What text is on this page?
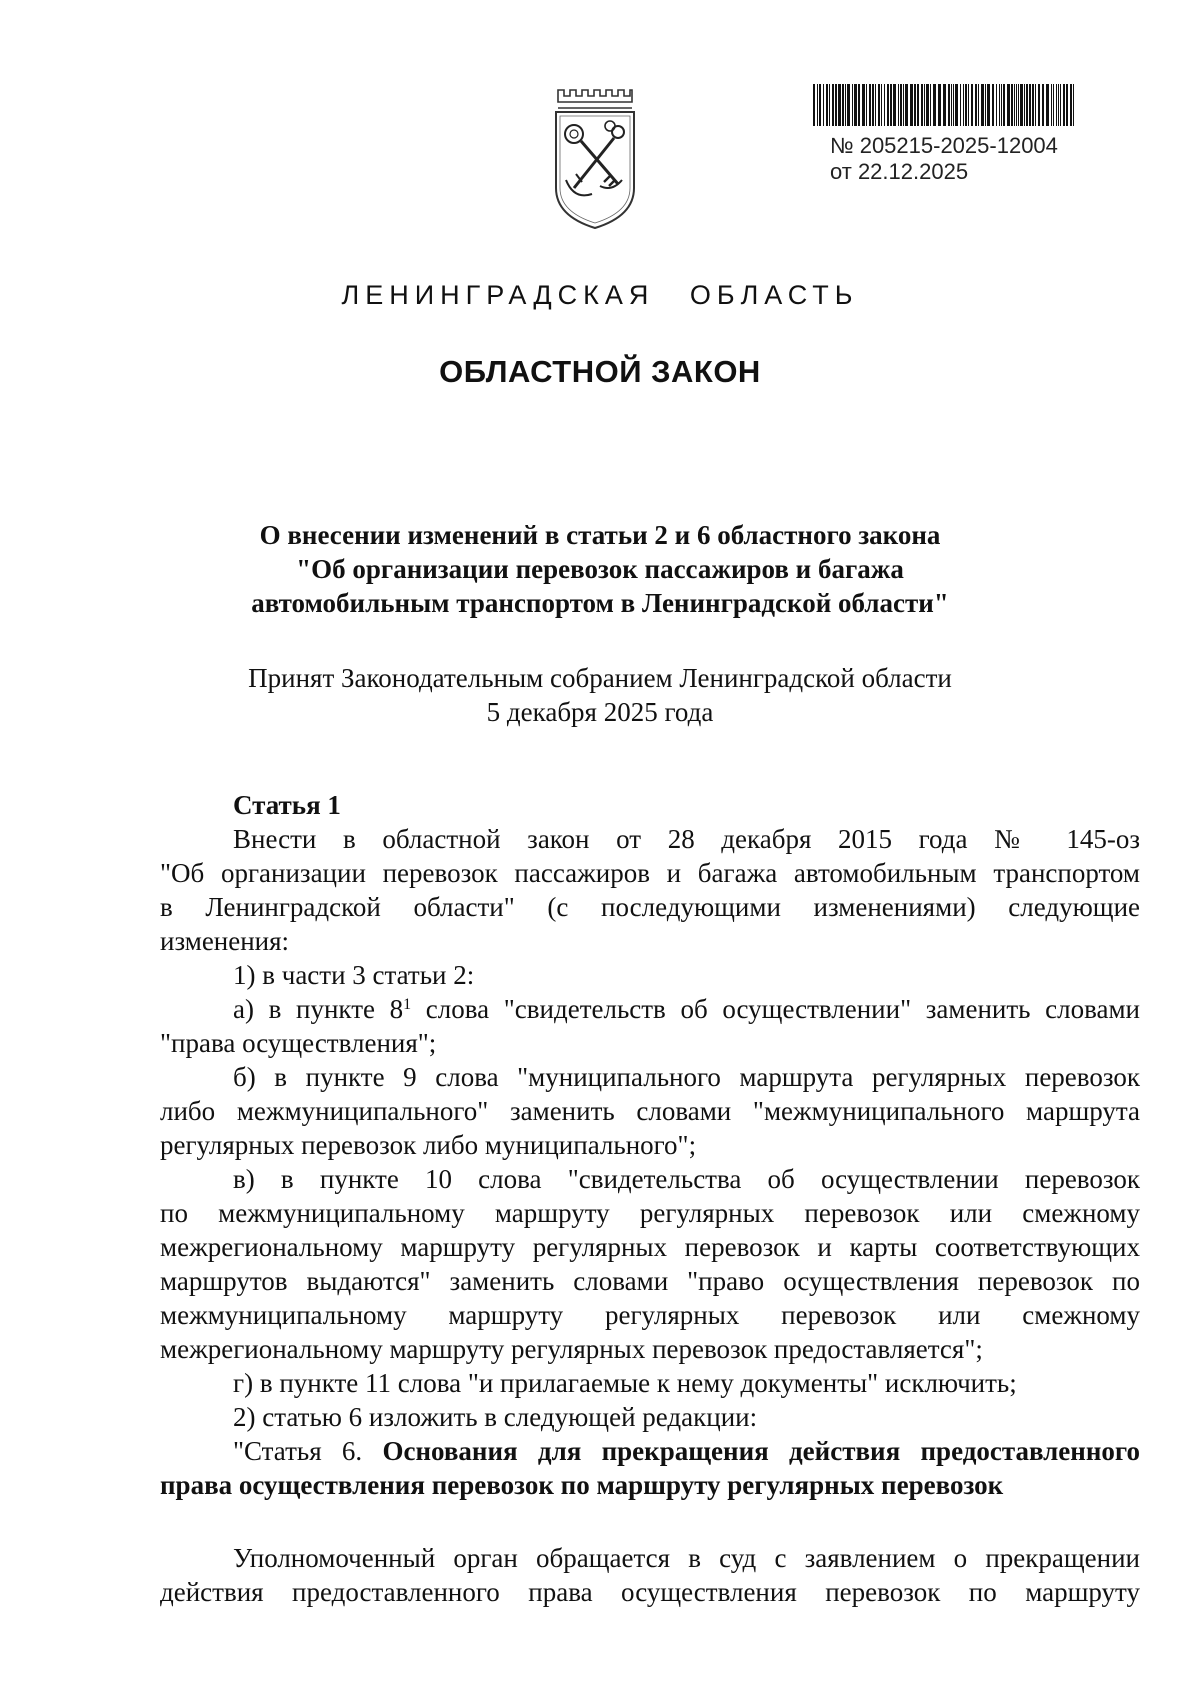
№ 205215-2025-12004
от 22.12.2025
ЛЕНИНГРАДСКАЯ ОБЛАСТЬ
ОБЛАСТНОЙ ЗАКОН
О внесении изменений в статьи 2 и 6 областного закона
"Об организации перевозок пассажиров и багажа
автомобильным транспортом в Ленинградской области"
Принят Законодательным собранием Ленинградской области
5 декабря 2025 года
Статья 1
Внести в областной закон от 28 декабря 2015 года № 145-оз
"Об организации перевозок пассажиров и багажа автомобильным транспортом
в Ленинградской области" (с последующими изменениями) следующие
изменения:
1) в части 3 статьи 2:
а) в пункте $8^1$ слова "свидетельств об осуществлении" заменить словами
"права осуществления";
б) в пункте 9 слова "муниципального маршрута регулярных перевозок
либо межмуниципального" заменить словами "межмуниципального маршрута
регулярных перевозок либо муниципального";
в) в пункте 10 слова "свидетельства об осуществлении перевозок
по межмуниципальному маршруту регулярных перевозок или смежному
межрегиональному маршруту регулярных перевозок и карты соответствующих
маршрутов выдаются" заменить словами "право осуществления перевозок по
межмуниципальному маршруту регулярных перевозок или смежному
межрегиональному маршруту регулярных перевозок предоставляется";
г) в пункте 11 слова "и прилагаемые к нему документы" исключить;
2) статью 6 изложить в следующей редакции:
"Статья 6. Основания для прекращения действия предоставленного
права осуществления перевозок по маршруту регулярных перевозок
Уполномоченный орган обращается в суд с заявлением о прекращении
действия предоставленного права осуществления перевозок по маршруту
